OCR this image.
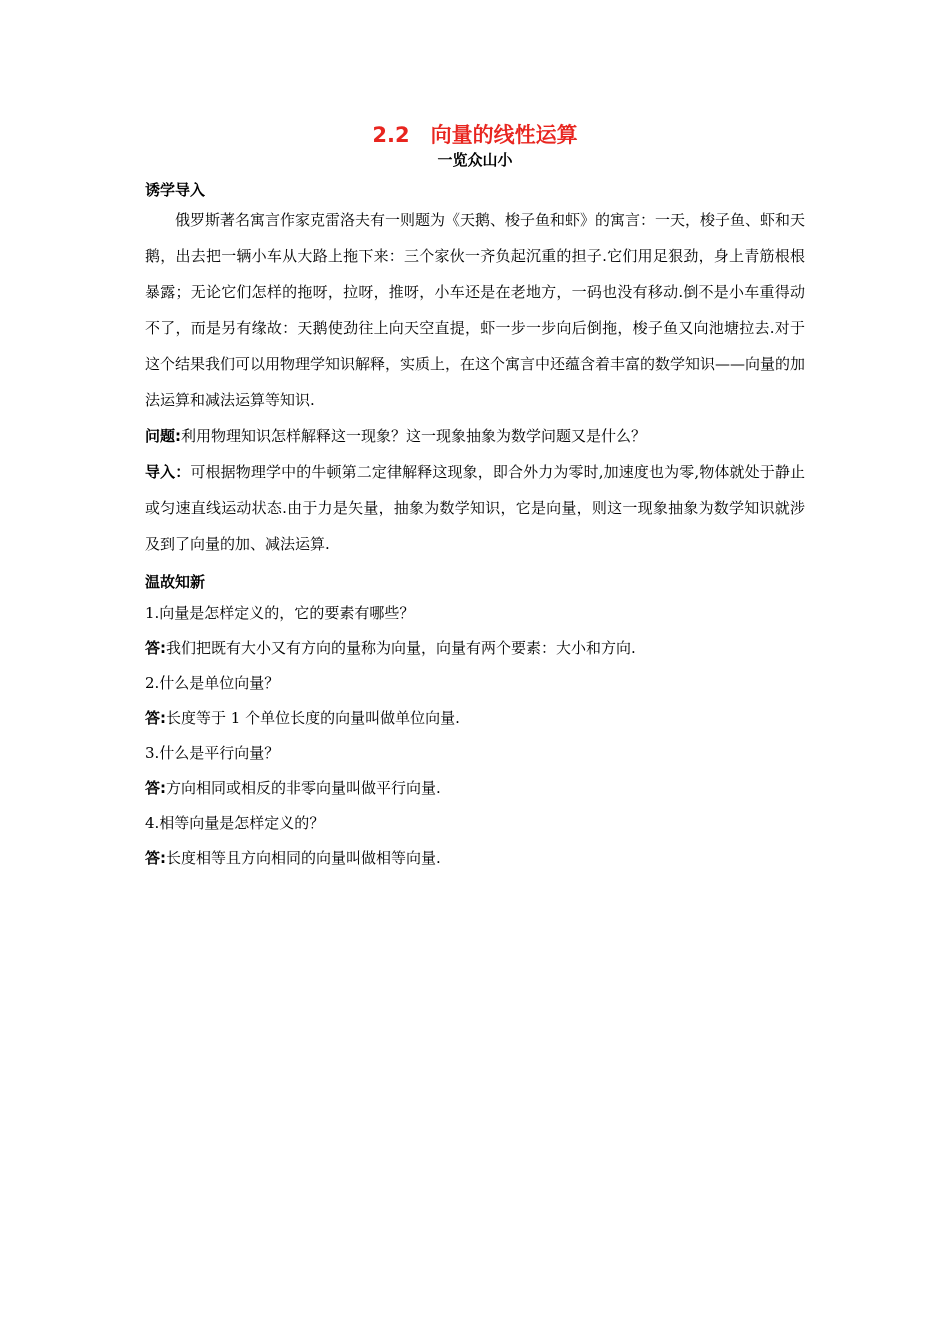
2.2　向量的线性运算
一览众山小
诱学导入

俄罗斯著名寓言作家克雷洛夫有一则题为《天鹅、梭子鱼和虾》的寓言：一天，梭子鱼、虾和天鹅，出去把一辆小车从大路上拖下来：三个家伙一齐负起沉重的担子.它们用足狠劲，身上青筋根根暴露；无论它们怎样的拖呀，拉呀，推呀，小车还是在老地方，一码也没有移动.倒不是小车重得动不了，而是另有缘故：天鹅使劲往上向天空直提，虾一步一步向后倒拖，梭子鱼又向池塘拉去.对于这个结果我们可以用物理学知识解释，实质上，在这个寓言中还蕴含着丰富的数学知识——向量的加法运算和减法运算等知识.

问题:利用物理知识怎样解释这一现象？这一现象抽象为数学问题又是什么？

导入：可根据物理学中的牛顿第二定律解释这现象，即合外力为零时,加速度也为零,物体就处于静止或匀速直线运动状态.由于力是矢量，抽象为数学知识，它是向量，则这一现象抽象为数学知识就涉及到了向量的加、减法运算.

温故知新

1.向量是怎样定义的，它的要素有哪些？

答:我们把既有大小又有方向的量称为向量，向量有两个要素：大小和方向.

2.什么是单位向量？

答:长度等于 1 个单位长度的向量叫做单位向量.

3.什么是平行向量？

答:方向相同或相反的非零向量叫做平行向量.

4.相等向量是怎样定义的？

答:长度相等且方向相同的向量叫做相等向量.
